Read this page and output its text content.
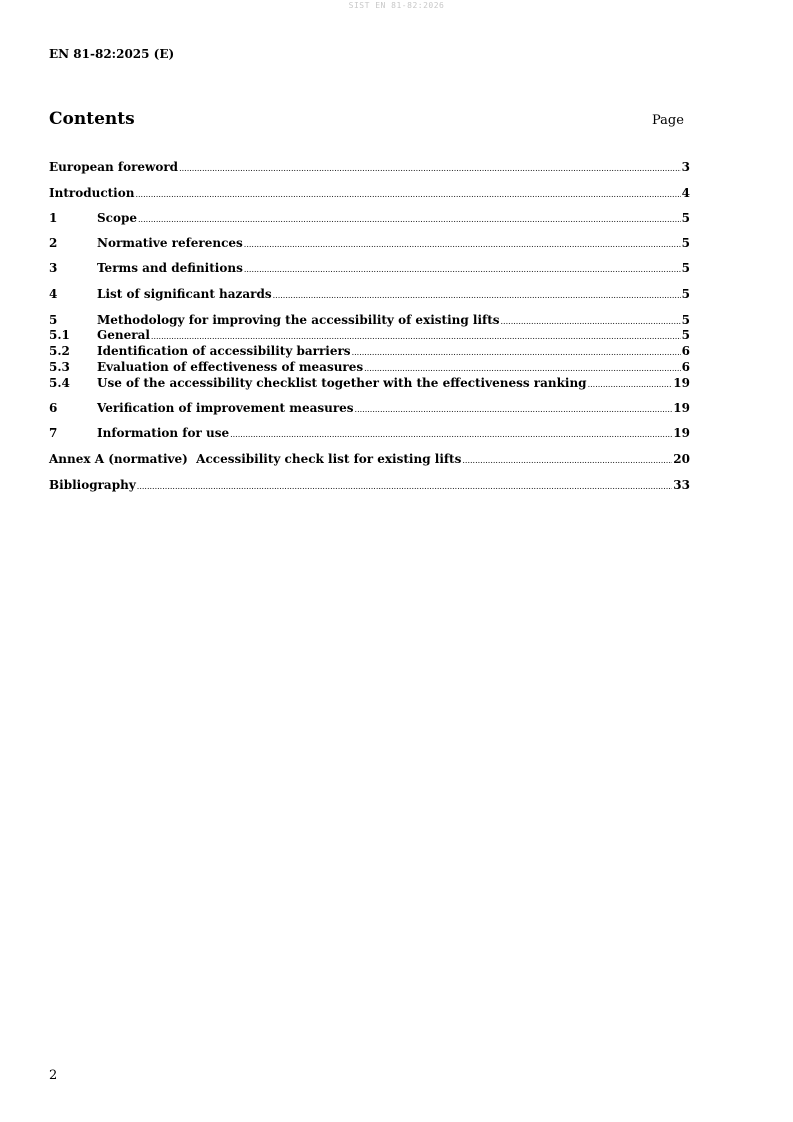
SIST EN 81-82:2026
EN 81-82:2025 (E)
Contents	Page
European foreword .....	3
Introduction .....	4
1	Scope .....	5
2	Normative references .....	5
3	Terms and definitions .....	5
4	List of significant hazards .....	5
5	Methodology for improving the accessibility of existing lifts .....	5
5.1	General .....	5
5.2	Identification of accessibility barriers .....	6
5.3	Evaluation of effectiveness of measures .....	6
5.4	Use of the accessibility checklist together with the effectiveness ranking .....	19
6	Verification of improvement measures .....	19
7	Information for use .....	19
Annex A (normative)  Accessibility check list for existing lifts .....	20
Bibliography .....	33
2
